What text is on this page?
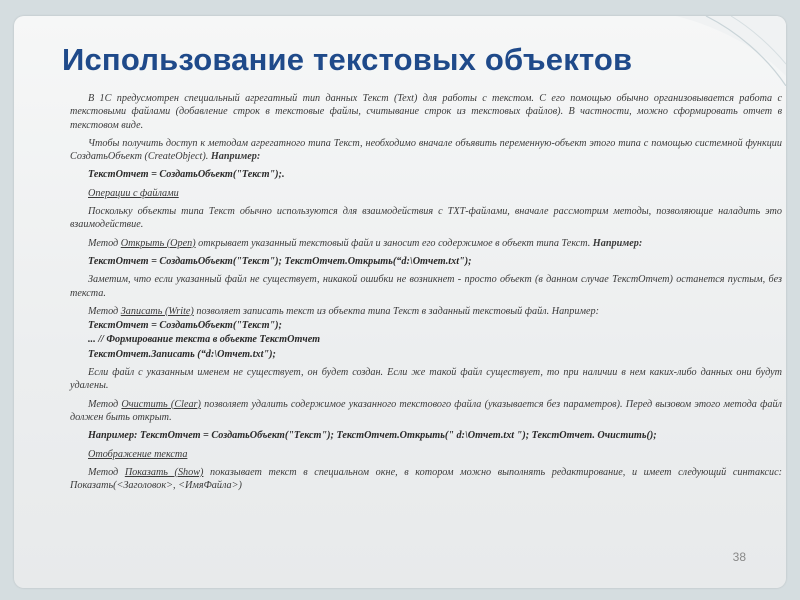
Использование текстовых объектов

В 1С предусмотрен специальный агрегатный тип данных Текст (Text) для работы с текстом. С его помощью обычно организовывается работа с текстовыми файлами (добавление строк в текстовые файлы, считывание строк из текстовых файлов). В частности, можно сформировать отчет в текстовом виде.

Чтобы получить доступ к методам агрегатного типа Текст, необходимо вначале объявить переменную-объект этого типа с помощью системной функции СоздатьОбъект (CreateObject). Например:

ТекстОтчет = СоздатьОбъект("Текст");.

Операции с файлами

Поскольку объекты типа Текст обычно используются для взаимодействия с ТХТ-файлами, вначале рассмотрим методы, позволяющие наладить это взаимодействие.

Метод Открыть (Open) открывает указанный текстовый файл и заносит его содержимое в объект типа Текст. Например:

ТекстОтчет = СоздатьОбъект("Текст"); ТекстОтчет.Открыть(“d:\Отчет.txt");

Заметим, что если указанный файл не существует, никакой ошибки не возникнет - просто объект (в данном случае ТекстОтчет) останется пустым, без текста.

Метод Записать (Write) позволяет записать текст из объекта типа Текст в заданный текстовый файл. Например:

ТекстОтчет = СоздатьОбъект("Текст");

... // Формирование текста в объекте ТекстОтчет

ТекстОтчет.Записать (“d:\Отчет.txt");

Если файл с указанным именем не существует, он будет создан. Если же такой файл существует, то при наличии в нем каких-либо данных они будут удалены.

Метод Очистить (Clear) позволяет удалить содержимое указанного текстового файла (указывается без параметров). Перед вызовом этого метода файл должен быть открыт.

Например: ТекстОтчет = СоздатьОбъект("Текст"); ТекстОтчет.Открыть(" d:\Отчет.txt "); ТекстОтчет. Очистить();

Отображение текста

Метод Показать (Show) показывает текст в специальном окне, в котором можно выполнять редактирование, и имеет следующий синтаксис: Показать(<Заголовок>, <ИмяФайла>)

38
